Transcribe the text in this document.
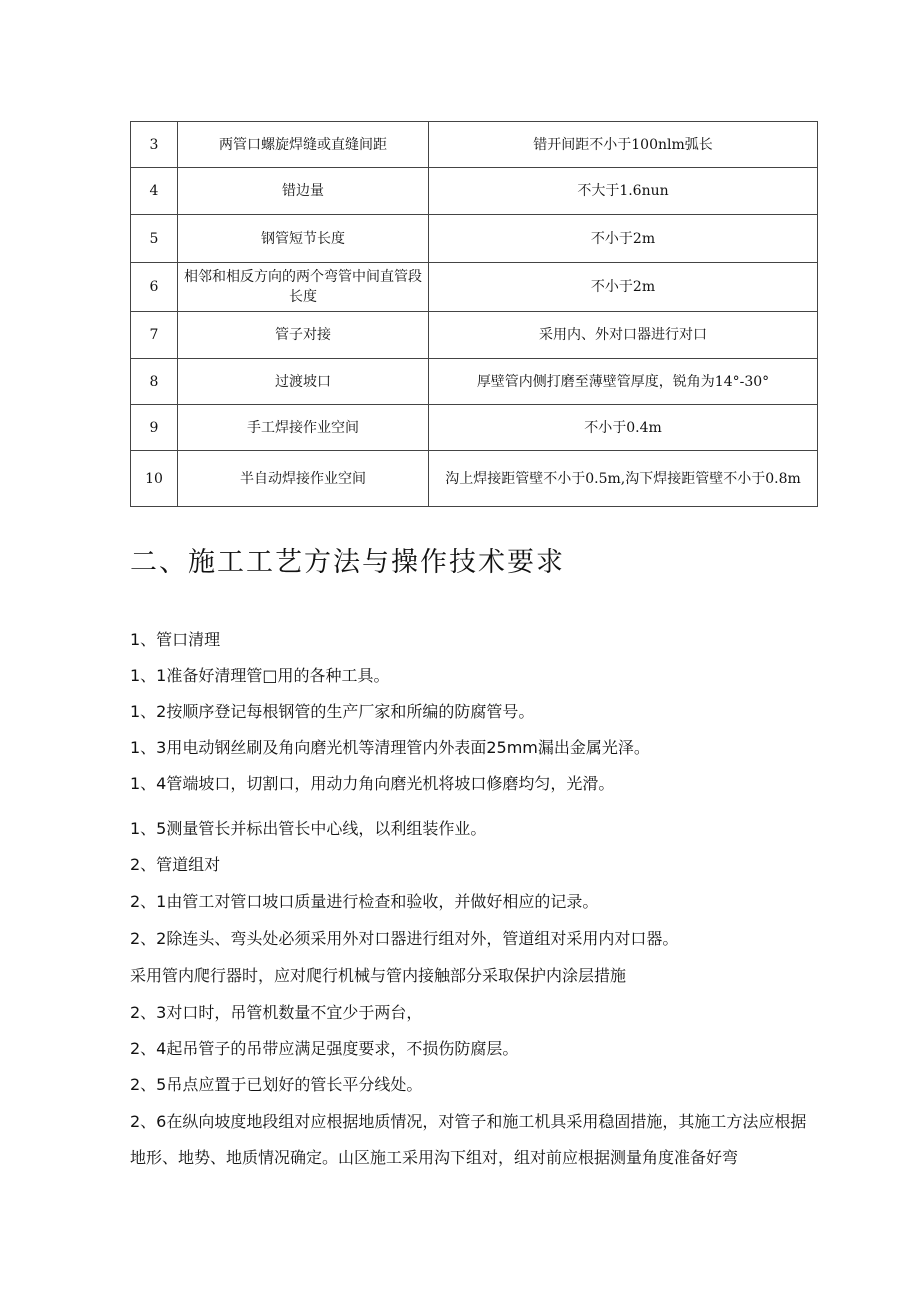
3	两管口螺旋焊缝或直缝间距	错开间距不小于100nlm弧长
4	错边量	不大于1.6nun
5	钢管短节长度	不小于2m
6	相邻和相反方向的两个弯管中间直管段长度	不小于2m
7	管子对接	采用内、外对口器进行对口
8	过渡坡口	厚壁管内侧打磨至薄壁管厚度，锐角为14°-30°
9	手工焊接作业空间	不小于0.4m
10	半自动焊接作业空间	沟上焊接距管壁不小于0.5m,沟下焊接距管壁不小于0.8m
二、施工工艺方法与操作技术要求

1、管口清理

1、1准备好清理管□用的各种工具。

1、2按顺序登记每根钢管的生产厂家和所编的防腐管号。

1、3用电动钢丝刷及角向磨光机等清理管内外表面25mm漏出金属光泽。

1、4管端坡口，切割口，用动力角向磨光机将坡口修磨均匀，光滑。

1、5测量管长并标出管长中心线，以利组装作业。

2、管道组对

2、1由管工对管口坡口质量进行检查和验收，并做好相应的记录。

2、2除连头、弯头处必须采用外对口器进行组对外，管道组对采用内对口器。

采用管内爬行器时，应对爬行机械与管内接触部分采取保护内涂层措施

2、3对口时，吊管机数量不宜少于两台，

2、4起吊管子的吊带应满足强度要求，不损伤防腐层。

2、5吊点应置于已划好的管长平分线处。

2、6在纵向坡度地段组对应根据地质情况，对管子和施工机具采用稳固措施，其施工方法应根据地形、地势、地质情况确定。山区施工采用沟下组对，组对前应根据测量角度准备好弯
